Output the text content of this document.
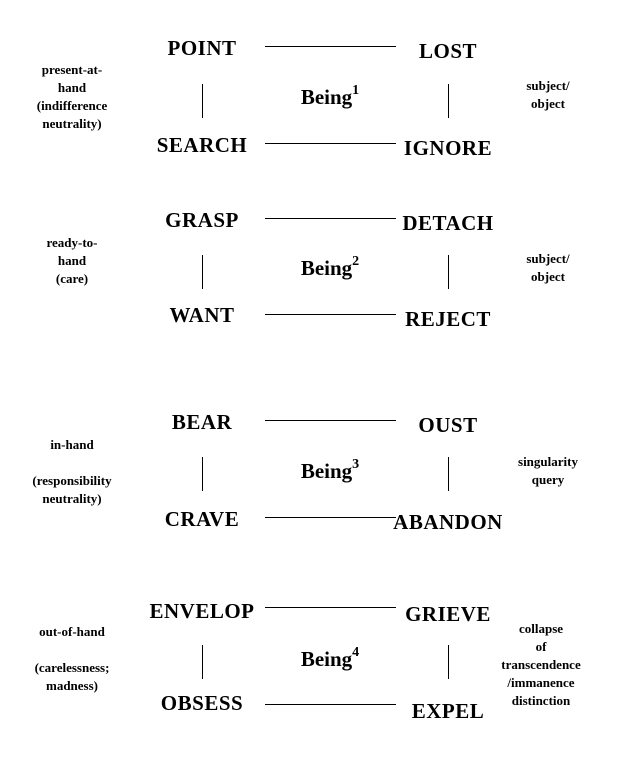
POINT	LOST
SEARCH	IGNORE
Being$^1$
present-at-
hand
(indifference
neutrality)
subject/
object
GRASP	DETACH
WANT	REJECT
Being$^2$
ready-to-
hand
(care)
subject/
object
BEAR	OUST
CRAVE	ABANDON
Being$^3$
in-hand
(responsibility
neutrality)
singularity
query
ENVELOP	GRIEVE
OBSESS	EXPEL
Being$^4$
out-of-hand
(carelessness;
madness)
collapse
of
transcendence
/immanence
distinction
